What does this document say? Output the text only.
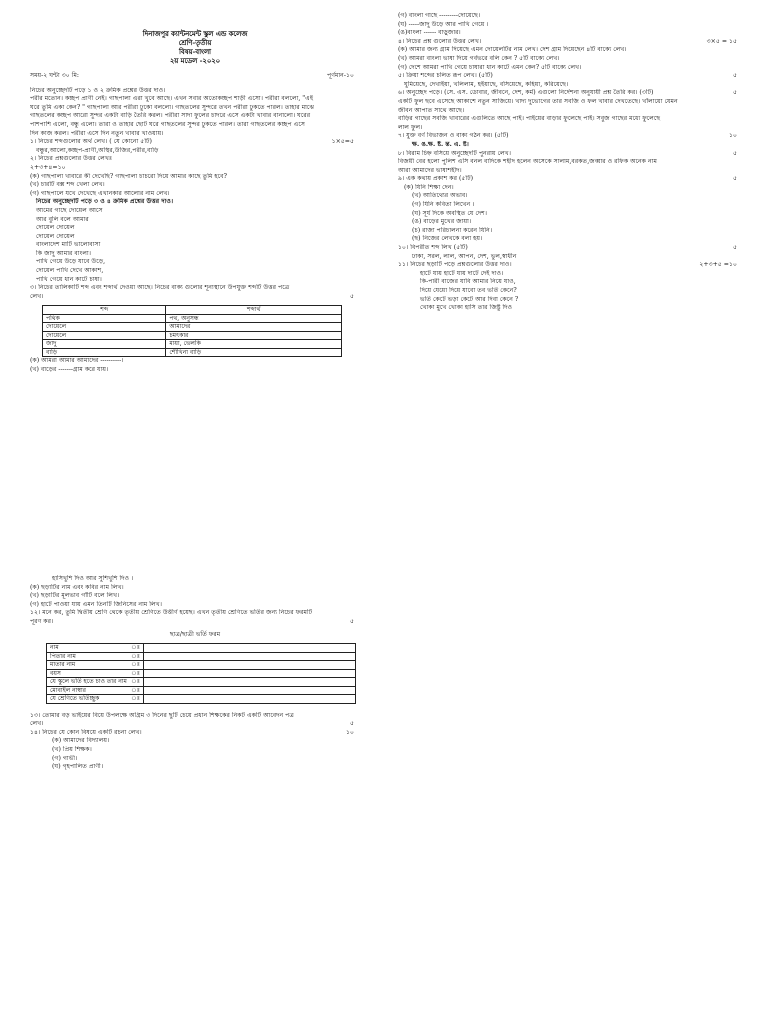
দিনাজপুর ক্যান্টনমেন্ট স্কুল এন্ড কলেজ
শ্রেণি-তৃতীয়
বিষয়-বাংলা
২য় মডেল -২০২০
সময়-২ ঘন্টা ৩০ মি:	পূর্ণমান-১০
নিচের অনুচ্ছেদটি পড়ে ১ ও ২ ক্রমিক প্রশ্নের উত্তর দাও।
পরীর মতোন। কচ্ছপ প্রাণী নেই। গাছপালা এরা খুবে আছে। এখন সবার অতোকচ্ছপ শাড়ী এসো। পরীরা বললো, "এই
ঘরে তুমি একা কেন? " গাছপালা আর পরীরা ঢুকো বললো। গাছতলের সুন্দরে তখন পরীরা ঢুকতে পারল। তাহার মাঝে
গাছতলের কচ্ছপ আরো সুন্দর একটা বাড়ি তৈরি করল। পরীরা সাদা ফুলের চাদরে এসে একটা খাবার বানালো। ঘরের
পাশপাশি এলো, বন্ধু এলো। তারা ও তাহার ছোট ঘরে গাছতলের সুন্দর ঢুকতে পারল। তারা গাছতলের কচ্ছপ এসে
দিন কাজ করল। পরীরা এসে দিন নতুন খাবার খাওয়ায়।
১×৫=৫
১। নিচের শব্দগুলোর অর্থ লেখ। ( যে কোনো ৫টি)
বন্ধুর,আলো,কচ্ছপ-প্রাণী,অস্থির,উজির,পরীর,বাড়ি
২। নিচের প্রশ্নগুলোর উত্তর লেখঃ
২+৩+৪=১০
(ক) গাছপালা খাবারে কী দেখেছি? গাছপালা চাচরো দিয়ে আমার কাছে তুমি হবে?
(খ) চারটি বক্স শব্দ খেলা লেখ।
(গ) গাছপালে যখে দেখেছে এখানকার আলোর নাম লেখ।
নিচের অনুচ্ছেদটি পড়ে ৩ ও ৪ ক্রমিক প্রশ্নের উত্তর দাও।
আমের গাছে দোয়েল আসে
আর বুলি বলে আমার
দোয়েল দোয়েল
দোয়েল দোয়েল
বাংলাদেশ মাটি ভালোবাসা
কি জাদু আমার বাংলা।
পাখি গেয়ে উড়ে যাবে উড়ে,
দোয়েল পাখি দেখে আকাশ,
পাখি গেয়ে ধান কাটে চাষা।
৩। নিচের তালিকাটি শব্দ এবং শব্দার্থ দেওয়া আছে। নিচের বাক্য গুলোর শূন্যস্থানে উপযুক্ত শব্দটি উত্তর পত্রে
৫
লেখ।
শব্দ	শব্দার্থ
পথিক	পথ, অনুসন্ধ
দোয়েলে	আমাদের
দোয়েলে	চমৎকার
জাদু	মায়া, ভেলকি
বাড়ি	শৌখিনা বাড়ি
(ক) আমরা আমার আমাদের ----------।
(খ) বাড়ের -------গ্রাম করে যায়।
(গ) বাংলা গাছে ---------দোয়েছে।
(ঘ) -----জাদু উড়ে আর পাখি গেয়ে ।
(ঙ)বাংলা ------ বাড়ুজার।
৩×৫ = ১৫
৪। নিচের প্রশ্ন গুলোর উত্তর লেখ।
(ক) আমার জন্য গ্রাম দিয়েছে এমন দোয়েলটির নাম লেখ। দেশ গ্রাম দিয়েছেন ৪টি বাক্যে লেখ।
(খ) আমরা বাংলা ভাষা দিয়ে গর্বভরে বলি কেন ? ৫টি বাক্যে লেখ।
(গ) দেশে আমরা পাখি গেয়ে চাষারা ধান কাটে এমন কেন? ৫টি বাক্যে লেখ।
৫
৫। ক্রিয়া শব্দের চলিত রূপ লেখ। (৫টি)
ঘুমিয়েছে, দেখাইয়া, খলিলাম, হইয়াছে, বসিয়েছে, কহিয়া, করিয়েছে।
৫
৬। অনুচ্ছেদ পড়ে। (সে. এস. ডোবার, জীবনে, দেশ, কর্ম) এগুলো নির্দেশনা অনুযায়ী প্রশ্ন তৈরি কর। (৩টি)
একটি ফুল ছবে এসেছে আকাশে নতুন সাজিয়ে। খাদ্য দুভোগের তার সবজি ও ফল খাবার দেখতেছে। খাঁলায়ো যেমন
জীবন আপাত সাথে আছে।
বাড়ির গাছের সবজি খাবারের এগুলিতে আছে পাই। পাইয়ের বাড়ার ফুলেছে পাই। সবুজ গাছের মধ্যে ফুলেছে
লাল ফুল।
১০
৭। যুক্ত বর্ণ বিভাজন ও বাক্য গঠন কর। (৫টি)
ক্ষ. ঙ.ক্ষ. ষ্ট. ন্ত. এ. ষ্ট।
৫
৮। বিরাম চিহ্ন বসিয়ে অনুচ্ছেদটি পুনরায় লেখ।
বিজয়ী বের হলো পুলিশ এসি বনল বাদিকে শহীদ হলেন অসেকে সালাম,বরকত,জব্বার ও রফিক অনেক নাম
আরা আমাদের ভাষাশহীদ।
৫
৯। এক কথায় প্রকাশ কর (৫টি)
(ক) যিনি শিক্ষা দেন।
(খ) আতিথ্যের অভাব।
(গ) যিনি কবিতা লিখেন ।
(ঘ) সূর্য দিকে অবস্থিত যে দেশ।
(ঙ) বাড়ের মুখের জায়া।
(চ) রাজা পরিচালনা করেন যিনি।
(ছ) নিজের লেখকে বলা হয়।
৫
১০। বিপরীত শব্দ লিখ (৫টি)
ঢাকা, সরল, লাল, আপন, দেশ, ভুল,স্বাধীন
২+৩+৫ =১০
১১। নিচের ছড়াটি পড়ে প্রশ্নগুলোর উত্তর দাও।
হাটে যায় হাটে যায় দাটে দেই দাও।
কি-পারী বাজের যাবি আমার নিয়ে যাও,
দিয়ে যেয়ো দিয়ে যাবো তব ভর্তি কেনে?
ভর্তি কেটে ভড়া কেটে আর দিবা কেনে ?
খোকা মুখে খোকা হাসি তার জিষ্টু দিও
হাসিখুশি দিও আর সুশিখুশি দিও ।
(ক) ছড়াটির নাম এবং কবির নাম লিখ।
(খ) ছড়াটির মূলভাব গাঁটি বলে লিখ।
(গ) হাটে পাওয়া যায় এমন তিনটি জিনিসের নাম লিখ।
১২। মনে কর, তুমি দ্বিতীয় শ্রেণি থেকে তৃতীয় শ্রেণিতে উত্তীর্ণ হয়েছ। এখন তৃতীয় শ্রেণিতে ভর্তির জন্য নিচের ফরমটি
৫
পূরণ কর।
ছাত্র/ছাত্রী ভর্তি ফরম
নাম ঃ	

পিতার নাম ঃ	

মাতার নাম ঃ	

বয়স ঃ	

যে স্কুলে ভর্তি হতে চাও তার নাম ঃ	

মোবাইল নাম্বার ঃ	

যে শ্রেণিতে ভর্তিচ্ছুক ঃ	

১৩। তোমার বড় ভাইয়ের বিয়ে উপলক্ষে অগ্রিম ৩ দিনের ছুটি চেয়ে প্রধান শিক্ষকের নিকট একটি আবেদন পত্র
৫
লেখ।
১০
১৪। নিচের যে কোন বিষয়ে একটি রচনা লেখ।
(ক) আমাদের বিদ্যালয়।
(খ) প্রিয় শিক্ষক।
(গ) গাভী।
(ঘ) গৃহপালিত প্রাণী।
